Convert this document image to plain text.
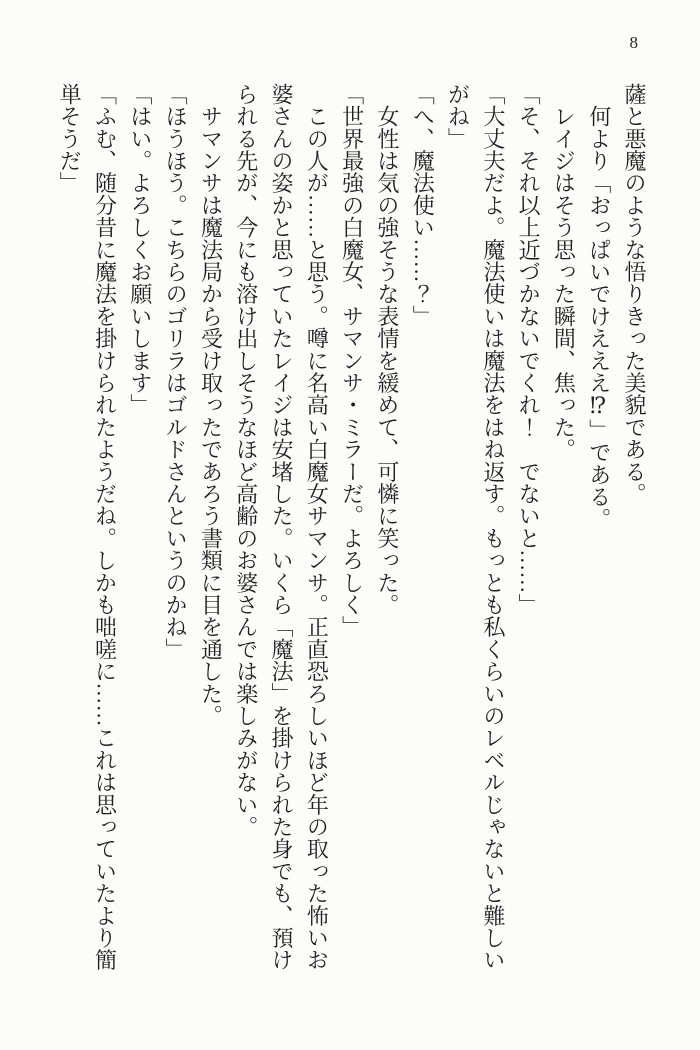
8

薩と悪魔のような悟りきった美貌である。

　何より「おっぱいでけえええ⁉」である。

　レイジはそう思った瞬間、焦った。

「そ、それ以上近づかないでくれ！　でないと……」

「大丈夫だよ。魔法使いは魔法をはね返す。もっとも私くらいのレベルじゃないと難しいがね」

「へ、魔法使い……？」

　女性は気の強そうな表情を緩めて、可憐に笑った。

「世界最強の白魔女、サマンサ・ミラーだ。よろしく」

　この人が……と思う。噂に名高い白魔女サマンサ。正直恐ろしいほど年の取った怖いお婆さんの姿かと思っていたレイジは安堵した。いくら「魔法」を掛けられた身でも、預けられる先が、今にも溶け出しそうなほど高齢のお婆さんでは楽しみがない。

　サマンサは魔法局から受け取ったであろう書類に目を通した。

「ほうほう。こちらのゴリラはゴルドさんというのかね」

「はい。よろしくお願いします」

「ふむ、随分昔に魔法を掛けられたようだね。しかも咄嗟に……これは思っていたより簡単そうだ」
